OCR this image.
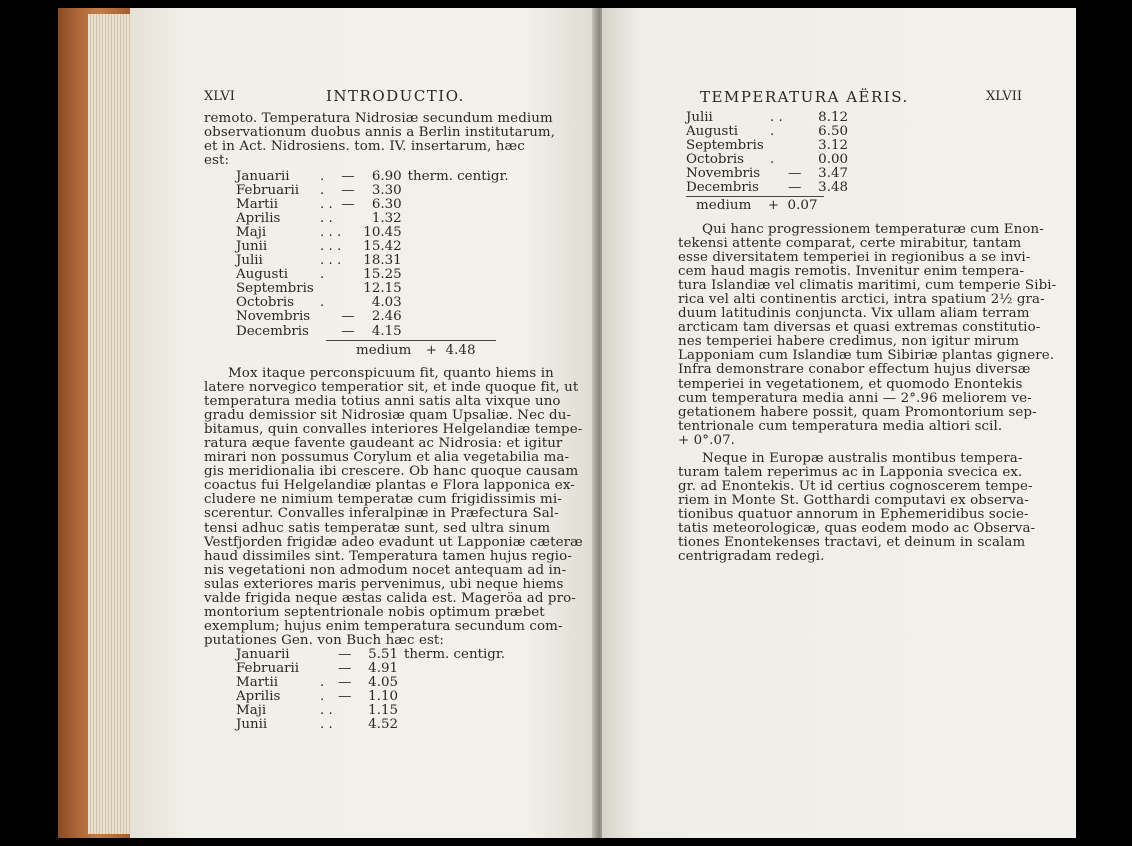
XLVI	INTRODUCTIO.

remoto. Temperatura Nidrosiæ secundum medium

observationum duobus annis a Berlin institutarum,

et in Act. Nidrosiens. tom. IV. insertarum, hæc

est:

Januarii	.	—	6.90	therm. centigr.
Februarii	.	—	3.30	
Martii	. .	—	6.30	
Aprilis	. .		1.32	
Maji	. . .		10.45	
Junii	. . .		15.42	
Julii	. . .		18.31	
Augusti	.		15.25	
Septembris			12.15	
Octobris	.		4.03	
Novembris		—	2.46	
Decembris		—	4.15	
medium + 4.48

Mox itaque perconspicuum fit, quanto hiems in

latere norvegico temperatior sit, et inde quoque fit, ut

temperatura media totius anni satis alta vixque uno

gradu demissior sit Nidrosiæ quam Upsaliæ. Nec du-

bitamus, quin convalles interiores Helgelandiæ tempe-

ratura æque favente gaudeant ac Nidrosia: et igitur

mirari non possumus Corylum et alia vegetabilia ma-

gis meridionalia ibi crescere. Ob hanc quoque causam

coactus fui Helgelandiæ plantas e Flora lapponica ex-

cludere ne nimium temperatæ cum frigidissimis mi-

scerentur. Convalles inferalpinæ in Præfectura Sal-

tensi adhuc satis temperatæ sunt, sed ultra sinum

Vestfjorden frigidæ adeo evadunt ut Lapponiæ cæteræ

haud dissimiles sint. Temperatura tamen hujus regio-

nis vegetationi non admodum nocet antequam ad in-

sulas exteriores maris pervenimus, ubi neque hiems

valde frigida neque æstas calida est. Mageröa ad pro-

montorium septentrionale nobis optimum præbet

exemplum; hujus enim temperatura secundum com-

putationes Gen. von Buch hæc est:

Januarii		—	5.51	therm. centigr.
Februarii		—	4.91	
Martii	.	—	4.05	
Aprilis	.	—	1.10	
Maji	. .		1.15	
Junii	. .		4.52	
TEMPERATURA AËRIS.	XLVII
Julii	. .		8.12
Augusti	.		6.50
Septembris			3.12
Octobris	.		0.00
Novembris		—	3.47
Decembris		—	3.48
medium + 0.07

Qui hanc progressionem temperaturæ cum Enon-

tekensi attente comparat, certe mirabitur, tantam

esse diversitatem temperiei in regionibus a se invi-

cem haud magis remotis. Invenitur enim tempera-

tura Islandiæ vel climatis maritimi, cum temperie Sibi-

rica vel alti continentis arctici, intra spatium 2½ gra-

duum latitudinis conjuncta. Vix ullam aliam terram

arcticam tam diversas et quasi extremas constitutio-

nes temperiei habere credimus, non igitur mirum

Lapponiam cum Islandiæ tum Sibiriæ plantas gignere.

Infra demonstrare conabor effectum hujus diversæ

temperiei in vegetationem, et quomodo Enontekis

cum temperatura media anni — 2°.96 meliorem ve-

getationem habere possit, quam Promontorium sep-

tentrionale cum temperatura media altiori scil.

+ 0°.07.

Neque in Europæ australis montibus tempera-

turam talem reperimus ac in Lapponia svecica ex.

gr. ad Enontekis. Ut id certius cognoscerem tempe-

riem in Monte St. Gotthardi computavi ex observa-

tionibus quatuor annorum in Ephemeridibus socie-

tatis meteorologicæ, quas eodem modo ac Observa-

tiones Enontekenses tractavi, et deinum in scalam

centrigradam redegi.
